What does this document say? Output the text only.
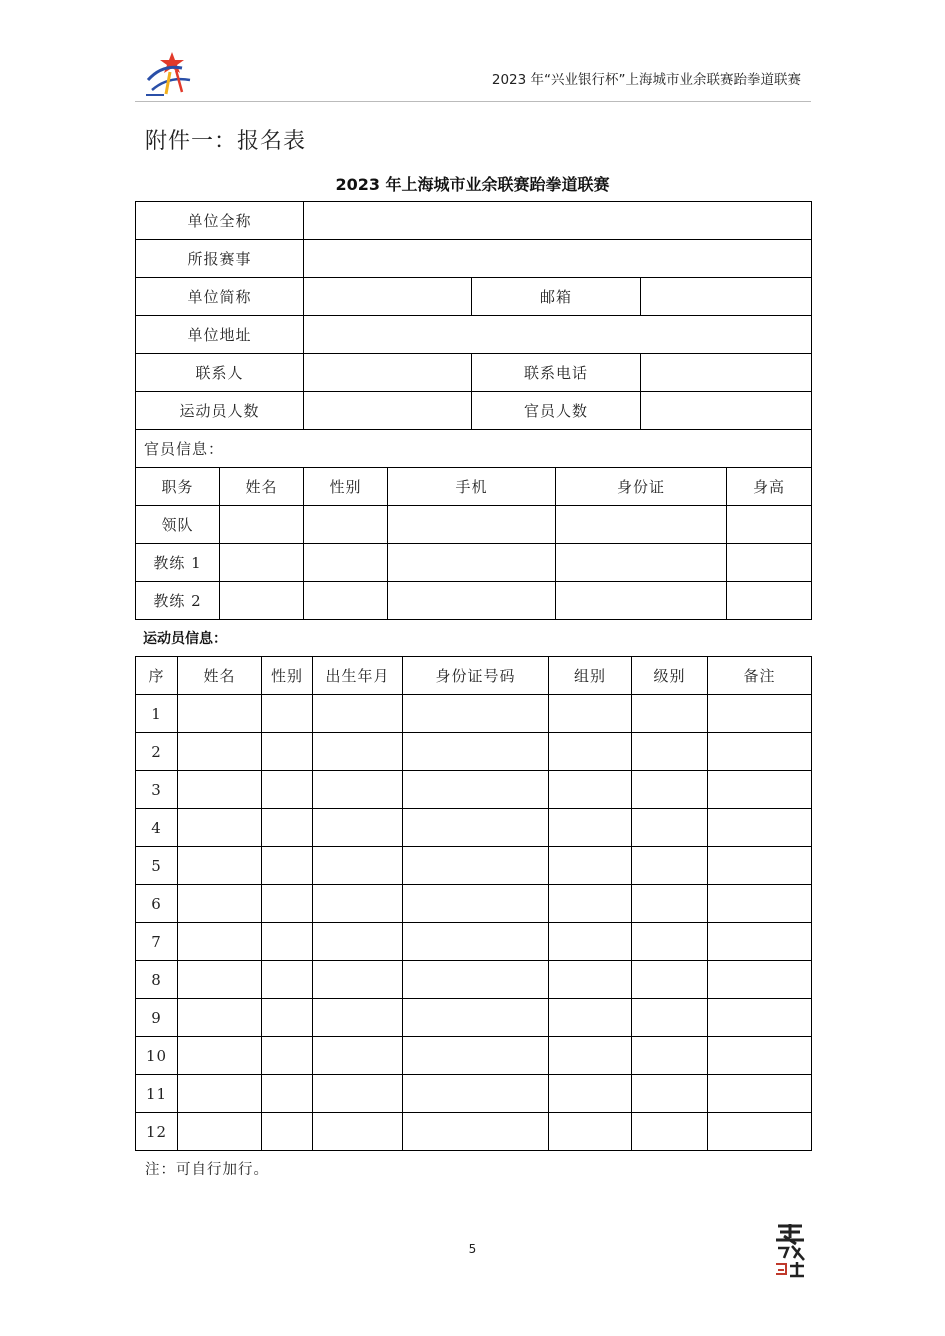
2023 年“兴业银行杯”上海城市业余联赛跆拳道联赛
附件一：报名表
2023 年上海城市业余联赛跆拳道联赛
单位全称							
所报赛事							
单位简称				邮箱			
单位地址							
联系人				联系电话			
运动员人数				官员人数			
官员信息：							
职务	姓名	性别	手机		身份证		身高
领队							
教练 1							
教练 2							
运动员信息：
序	姓名	性别	出生年月	身份证号码	组别	级别	备注
1							
2							
3							
4							
5							
6							
7							
8							
9							
10							
11							
12							
注：可自行加行。
5
